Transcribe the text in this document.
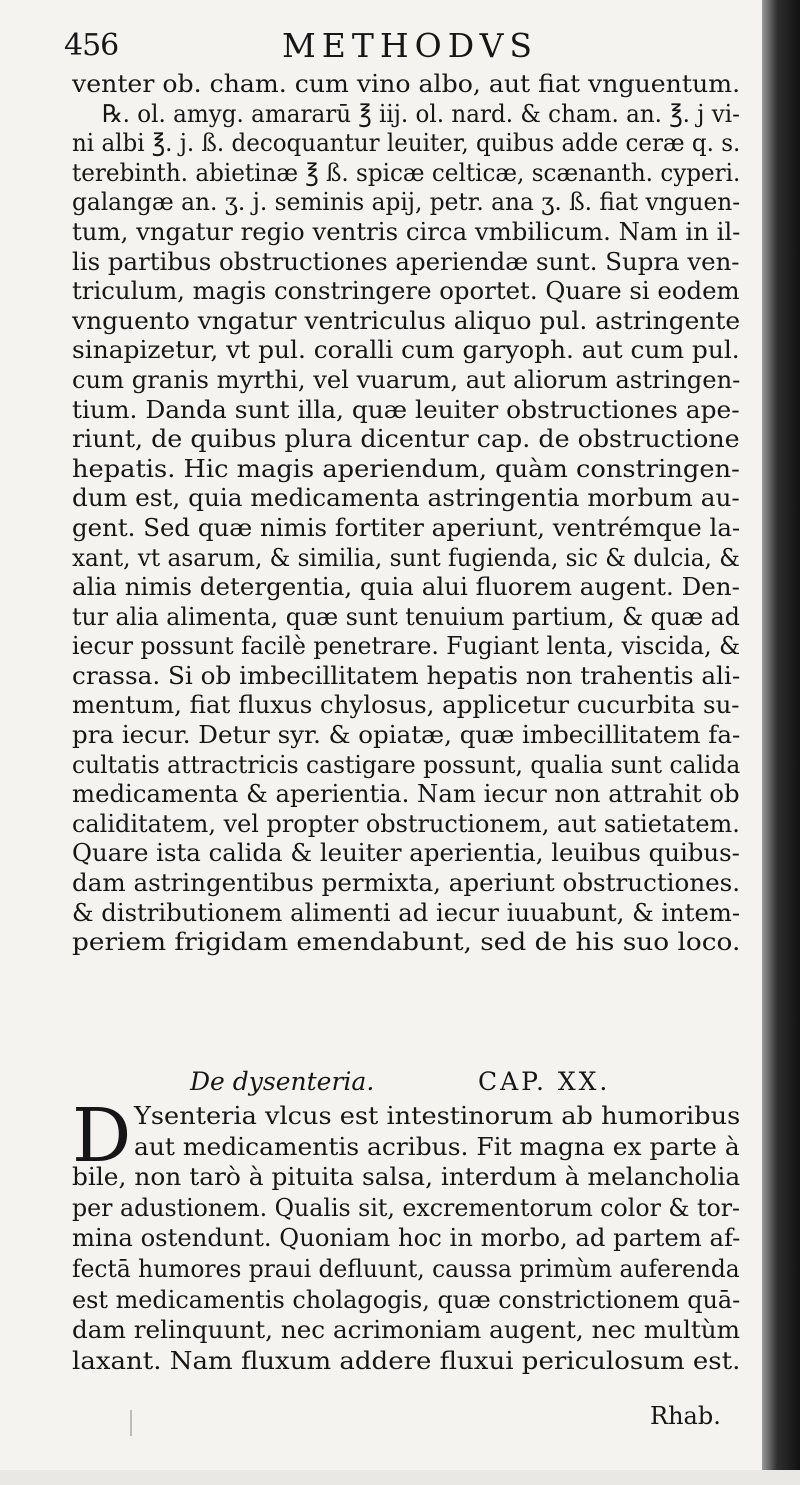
456	METHODVS
venter ob. cham. cum vino albo, aut fiat vnguentum.
℞. ol. amyg. amararū ℥ iij. ol. nard. & cham. an. ℥. j vi-
ni albi ℥. j. ß. decoquantur leuiter, quibus adde ceræ q. s.
terebinth. abietinæ ℥ ß. spicæ celticæ, scænanth. cyperi.
galangæ an. ʒ. j. seminis apij, petr. ana ʒ. ß. fiat vnguen-
tum, vngatur regio ventris circa vmbilicum. Nam in il-
lis partibus obstructiones aperiendæ sunt. Supra ven-
triculum, magis constringere oportet. Quare si eodem
vnguento vngatur ventriculus aliquo pul. astringente
sinapizetur, vt pul. coralli cum garyoph. aut cum pul.
cum granis myrthi, vel vuarum, aut aliorum astringen-
tium. Danda sunt illa, quæ leuiter obstructiones ape-
riunt, de quibus plura dicentur cap. de obstructione
hepatis. Hic magis aperiendum, quàm constringen-
dum est, quia medicamenta astringentia morbum au-
gent. Sed quæ nimis fortiter aperiunt, ventrémque la-
xant, vt asarum, & similia, sunt fugienda, sic & dulcia, &
alia nimis detergentia, quia alui fluorem augent. Den-
tur alia alimenta, quæ sunt tenuium partium, & quæ ad
iecur possunt facilè penetrare. Fugiant lenta, viscida, &
crassa. Si ob imbecillitatem hepatis non trahentis ali-
mentum, fiat fluxus chylosus, applicetur cucurbita su-
pra iecur. Detur syr. & opiatæ, quæ imbecillitatem fa-
cultatis attractricis castigare possunt, qualia sunt calida
medicamenta & aperientia. Nam iecur non attrahit ob
caliditatem, vel propter obstructionem, aut satietatem.
Quare ista calida & leuiter aperientia, leuibus quibus-
dam astringentibus permixta, aperiunt obstructiones.
& distributionem alimenti ad iecur iuuabunt, & intem-
periem frigidam emendabunt, sed de his suo loco.
De dysenteria.	CAP. XX.
D Ysenteria vlcus est intestinorum ab humoribus
aut medicamentis acribus. Fit magna ex parte à
bile, non tarò à pituita salsa, interdum à melancholia
per adustionem. Qualis sit, excrementorum color & tor-
mina ostendunt. Quoniam hoc in morbo, ad partem af-
fectā humores praui defluunt, caussa primùm auferenda
est medicamentis cholagogis, quæ constrictionem quā-
dam relinquunt, nec acrimoniam augent, nec multùm
laxant. Nam fluxum addere fluxui periculosum est.
Rhab.
